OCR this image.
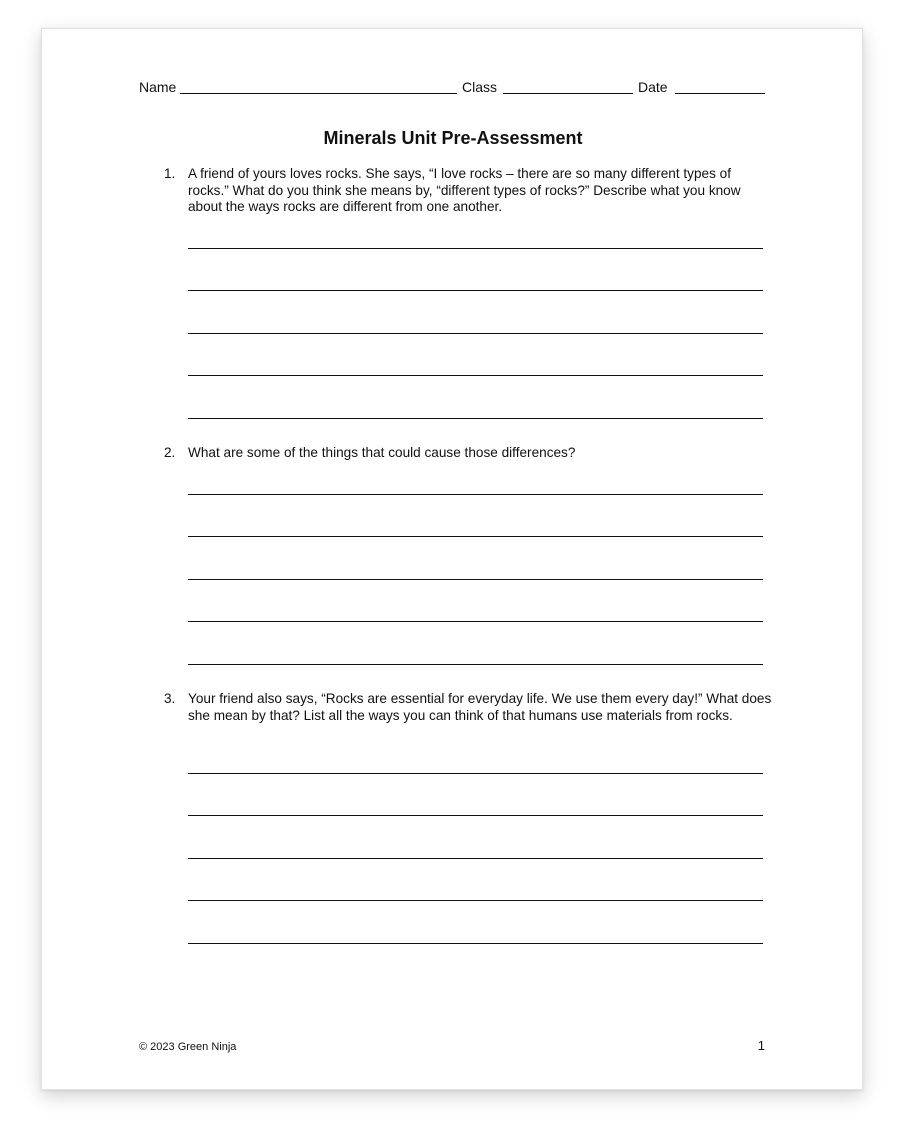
Name	Class	Date
Minerals Unit Pre-Assessment
1. A friend of yours loves rocks. She says, “I love rocks – there are so many different types of rocks.” What do you think she means by, “different types of rocks?” Describe what you know about the ways rocks are different from one another.
2. What are some of the things that could cause those differences?
3. Your friend also says, “Rocks are essential for everyday life. We use them every day!” What does she mean by that? List all the ways you can think of that humans use materials from rocks.
© 2023 Green Ninja	1
